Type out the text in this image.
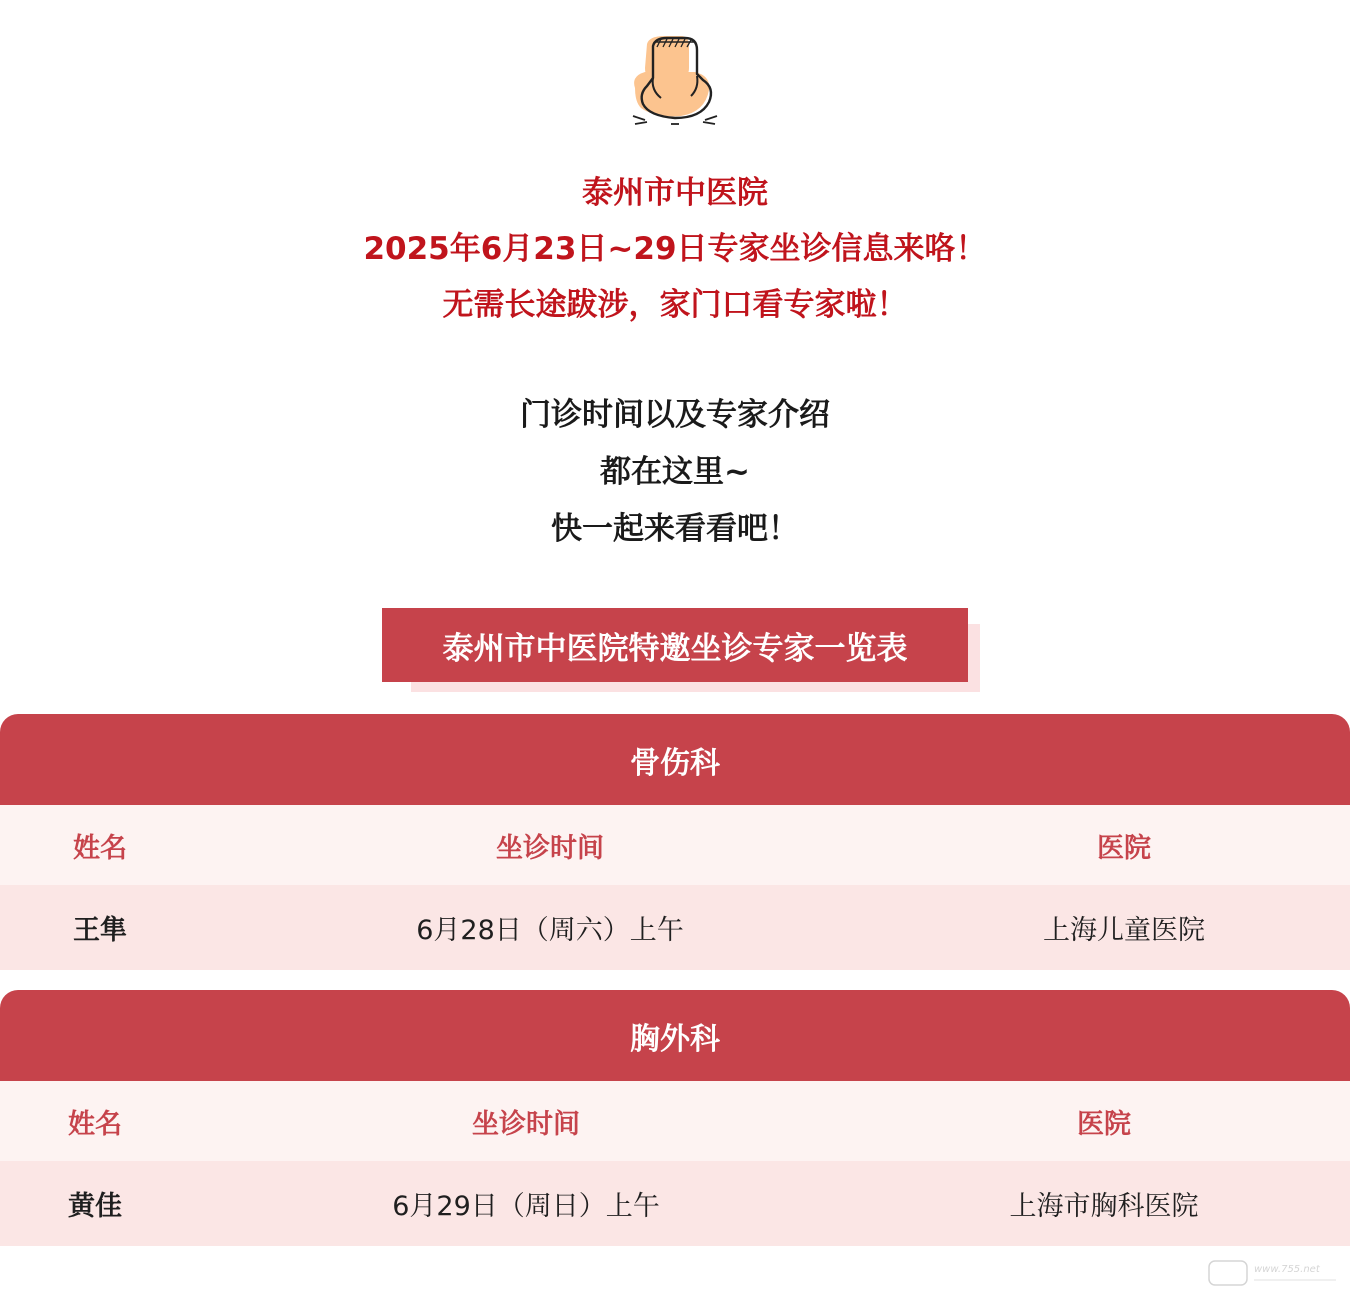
泰州市中医院
2025年6月23日~29日专家坐诊信息来咯！
无需长途跋涉，家门口看专家啦！
门诊时间以及专家介绍
都在这里~
快一起来看看吧！
泰州市中医院特邀坐诊专家一览表
骨伤科
姓名	坐诊时间	医院
王隼	6月28日（周六）上午	上海儿童医院
胸外科
姓名	坐诊时间	医院
黄佳	6月29日（周日）上午	上海市胸科医院
www.755.net
